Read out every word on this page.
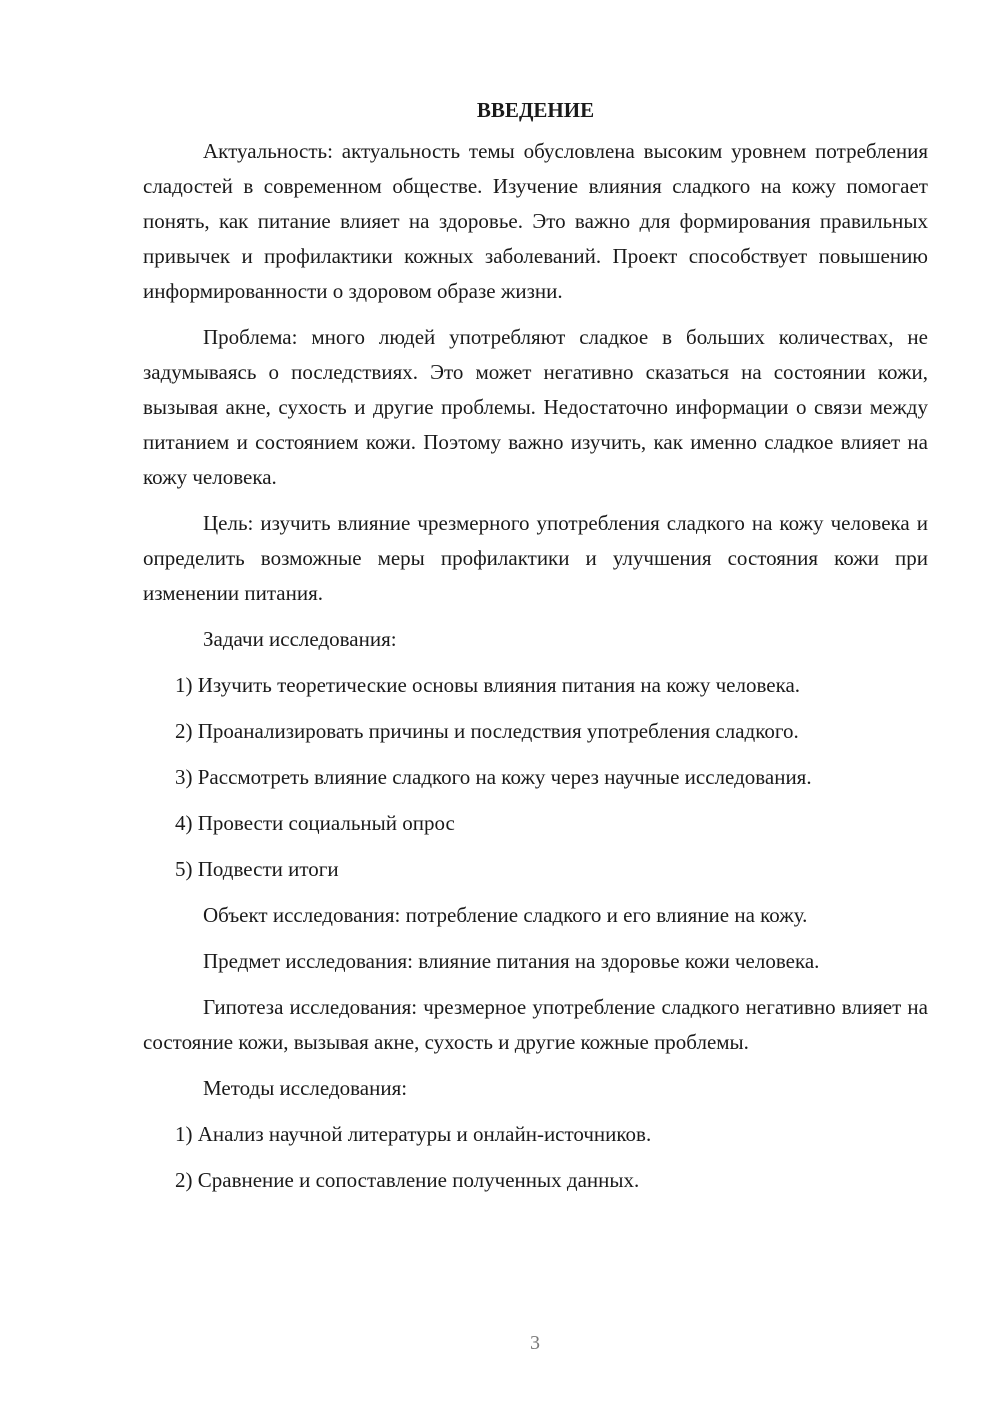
ВВЕДЕНИЕ

Актуальность: актуальность темы обусловлена высоким уровнем потребления сладостей в современном обществе. Изучение влияния сладкого на кожу помогает понять, как питание влияет на здоровье. Это важно для формирования правильных привычек и профилактики кожных заболеваний. Проект способствует повышению информированности о здоровом образе жизни.

Проблема: много людей употребляют сладкое в больших количествах, не задумываясь о последствиях. Это может негативно сказаться на состоянии кожи, вызывая акне, сухость и другие проблемы. Недостаточно информации о связи между питанием и состоянием кожи. Поэтому важно изучить, как именно сладкое влияет на кожу человека.

Цель: изучить влияние чрезмерного употребления сладкого на кожу человека и определить возможные меры профилактики и улучшения состояния кожи при изменении питания.

Задачи исследования:

1) Изучить теоретические основы влияния питания на кожу человека.
2) Проанализировать причины и последствия употребления сладкого.
3) Рассмотреть влияние сладкого на кожу через научные исследования.
4) Провести социальный опрос
5) Подвести итоги

Объект исследования: потребление сладкого и его влияние на кожу.

Предмет исследования: влияние питания на здоровье кожи человека.

Гипотеза исследования: чрезмерное употребление сладкого негативно влияет на состояние кожи, вызывая акне, сухость и другие кожные проблемы.

Методы исследования:

1) Анализ научной литературы и онлайн-источников.
2) Сравнение и сопоставление полученных данных.
3
